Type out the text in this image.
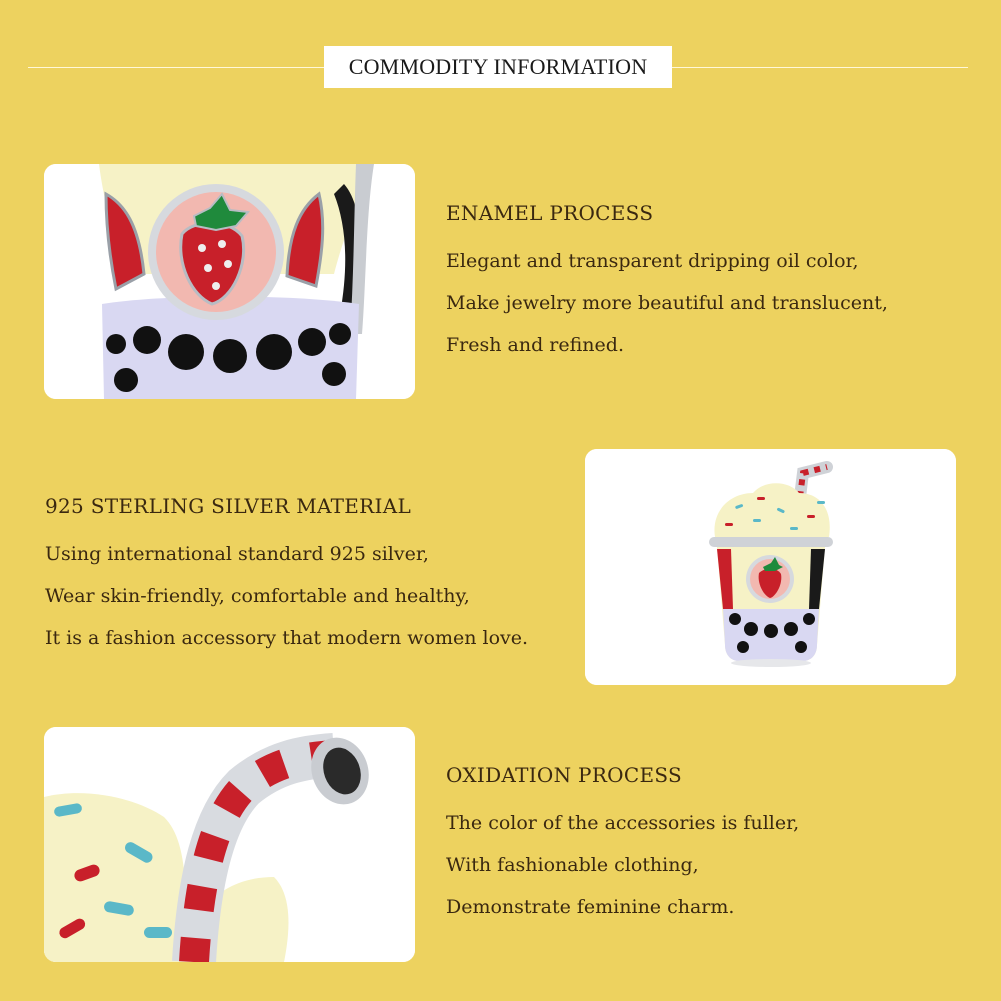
COMMODITY INFORMATION
ENAMEL PROCESS
Elegant and transparent dripping oil color,
Make jewelry more beautiful and translucent,
Fresh and refined.
925 STERLING SILVER MATERIAL
Using international standard 925 silver,
Wear skin-friendly, comfortable and healthy,
It is a fashion accessory that modern women love.
OXIDATION PROCESS
The color of the accessories is fuller,
With fashionable clothing,
Demonstrate feminine charm.
